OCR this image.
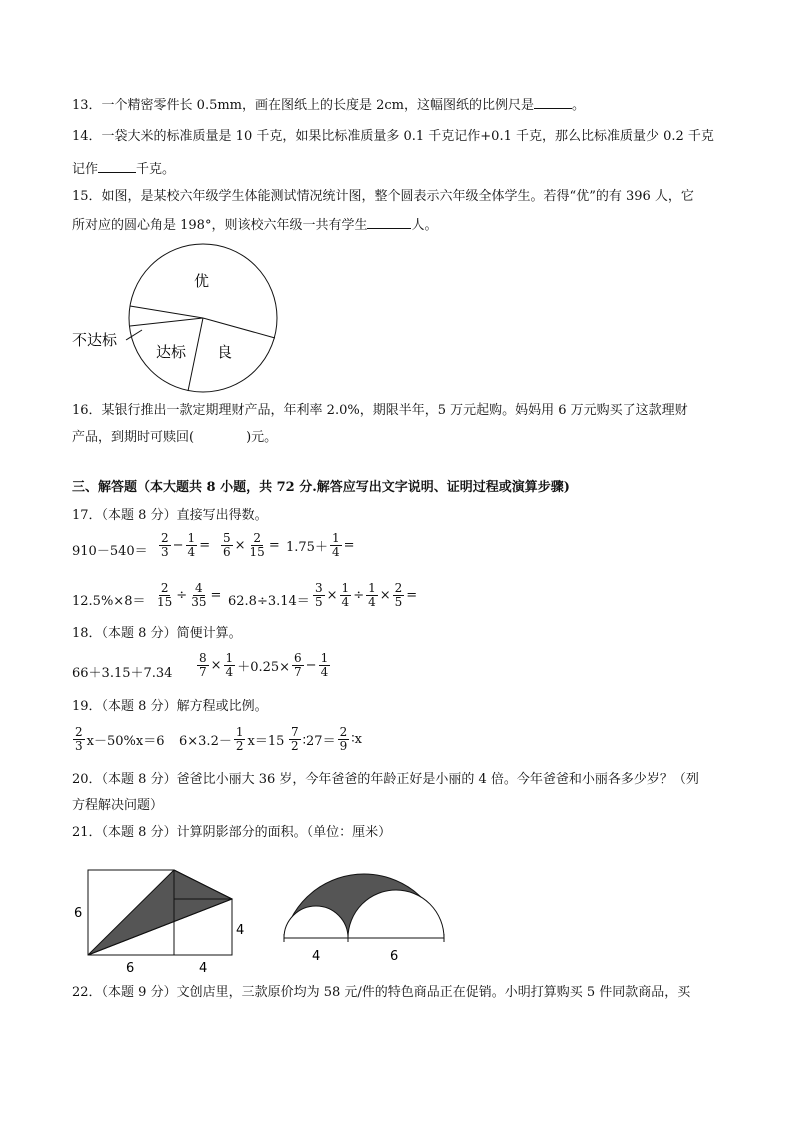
13．一个精密零件长 0.5mm，画在图纸上的长度是 2cm，这幅图纸的比例尺是	。
14．一袋大米的标准质量是 10 千克，如果比标准质量多 0.1 千克记作+0.1 千克，那么比标准质量少 0.2 千克
记作	千克。
15．如图，是某校六年级学生体能测试情况统计图，整个圆表示六年级全体学生。若得“优”的有 396 人，它
所对应的圆心角是 198°，则该校六年级一共有学生	人。
优
良
达标
不达标
16．某银行推出一款定期理财产品，年利率 2.0%，期限半年，5 万元起购。妈妈用 6 万元购买了这款理财
产品，到期时可赎回(　　　　)元。
三、解答题（本大题共 8 小题，共 72 分.解答应写出文字说明、证明过程或演算步骤)
17．（本题 8 分）直接写出得数。
$910-540= \frac{2}{3} - \frac{1}{4} = \frac{5}{6} \times \frac{2}{15} = 1.75+ \frac{1}{4}$ =
$12.5\%\times 8= \frac{2}{15} \div \frac{4}{35} = 62.8\div 3.14= \frac{3}{5} \times \frac{1}{4} \div \frac{1}{4} \times \frac{2}{5}$ =
18．（本题 8 分）简便计算。
$66+3.15+7.34 \frac{8}{7} \times \frac{1}{4} +0.25\times \frac{6}{7} - \frac{1}{4}$
19．（本题 8 分）解方程或比例。
$\frac{2}{3} x-50\%x=6$ $6\times 3.2- \frac{1}{2} x=15 \frac{7}{2}$ ∶27＝ $\frac{2}{9}$ ∶x
20．（本题 8 分）爸爸比小丽大 36 岁，今年爸爸的年龄正好是小丽的 4 倍。今年爸爸和小丽各多少岁？（列
方程解决问题）
21．（本题 8 分）计算阴影部分的面积。（单位：厘米）
6
6	4
4
4	6
22．（本题 9 分）文创店里，三款原价均为 58 元/件的特色商品正在促销。小明打算购买 5 件同款商品，买
